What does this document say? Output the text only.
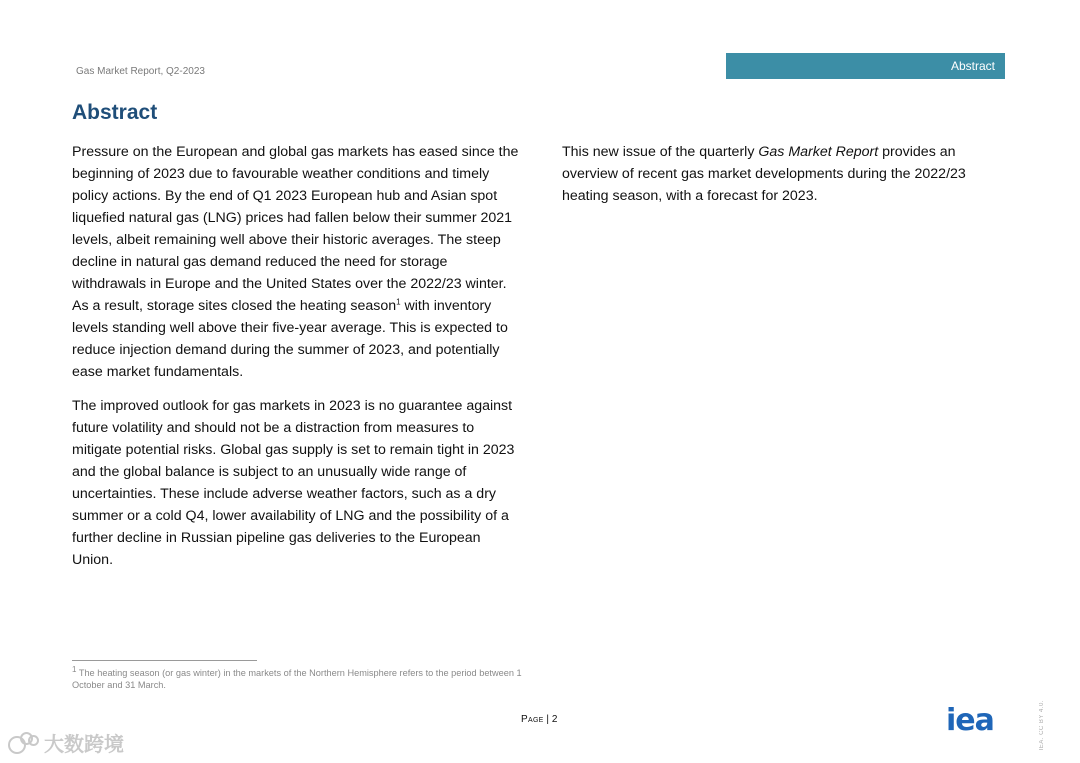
Gas Market Report, Q2-2023	Abstract
Abstract

Pressure on the European and global gas markets has eased since the beginning of 2023 due to favourable weather conditions and timely policy actions. By the end of Q1 2023 European hub and Asian spot liquefied natural gas (LNG) prices had fallen below their summer 2021 levels, albeit remaining well above their historic averages. The steep decline in natural gas demand reduced the need for storage withdrawals in Europe and the United States over the 2022/23 winter. As a result, storage sites closed the heating season$^1$ with inventory levels standing well above their five-year average. This is expected to reduce injection demand during the summer of 2023, and potentially ease market fundamentals.

The improved outlook for gas markets in 2023 is no guarantee against future volatility and should not be a distraction from measures to mitigate potential risks. Global gas supply is set to remain tight in 2023 and the global balance is subject to an unusually wide range of uncertainties. These include adverse weather factors, such as a dry summer or a cold Q4, lower availability of LNG and the possibility of a further decline in Russian pipeline gas deliveries to the European Union.

This new issue of the quarterly Gas Market Report provides an overview of recent gas market developments during the 2022/23 heating season, with a forecast for 2023.

$^1$ The heating season (or gas winter) in the markets of the Northern Hemisphere refers to the period between 1 October and 31 March.
Page | 2	iea	IEA. CC BY 4.0.
大数跨境
